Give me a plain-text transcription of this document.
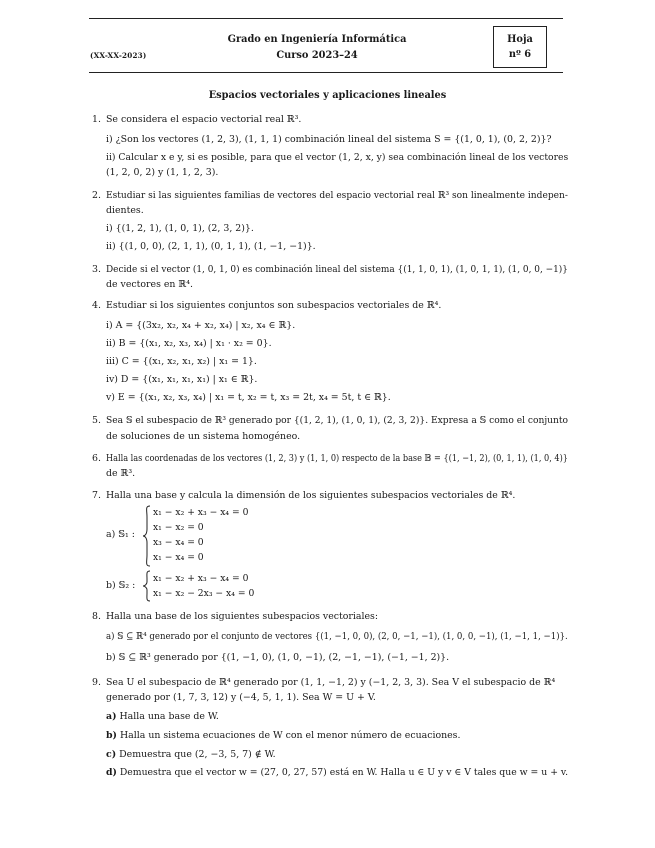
(XX-XX-2023)
Grado en Ingeniería Informática
Curso 2023–24
Hoja
nº 6
Espacios vectoriales y aplicaciones lineales
1. Se considera el espacio vectorial real ℝ³.
i) ¿Son los vectores (1, 2, 3), (1, 1, 1) combinación lineal del sistema S = {(1, 0, 1), (0, 2, 2)}?
ii) Calcular x e y, si es posible, para que el vector (1, 2, x, y) sea combinación lineal de los vectores
(1, 2, 0, 2) y (1, 1, 2, 3).
2. Estudiar si las siguientes familias de vectores del espacio vectorial real ℝ³ son linealmente indepen-
dientes.
i) {(1, 2, 1), (1, 0, 1), (2, 3, 2)}.
ii) {(1, 0, 0), (2, 1, 1), (0, 1, 1), (1, −1, −1)}.
3. Decide si el vector (1, 0, 1, 0) es combinación lineal del sistema {(1, 1, 0, 1), (1, 0, 1, 1), (1, 0, 0, −1)}
de vectores en ℝ⁴.
4. Estudiar si los siguientes conjuntos son subespacios vectoriales de ℝ⁴.
i) A = {(3x₂, x₂, x₄ + x₂, x₄) | x₂, x₄ ∈ ℝ}.
ii) B = {(x₁, x₂, x₃, x₄) | x₁ · x₂ = 0}.
iii) C = {(x₁, x₂, x₁, x₂) | x₁ = 1}.
iv) D = {(x₁, x₁, x₁, x₁) | x₁ ∈ ℝ}.
v) E = {(x₁, x₂, x₃, x₄) | x₁ = t, x₂ = t, x₃ = 2t, x₄ = 5t, t ∈ ℝ}.
5. Sea 𝕊 el subespacio de ℝ³ generado por {(1, 2, 1), (1, 0, 1), (2, 3, 2)}. Expresa a 𝕊 como el conjunto
de soluciones de un sistema homogéneo.
6. Halla las coordenadas de los vectores (1, 2, 3) y (1, 1, 0) respecto de la base 𝔹 = {(1, −1, 2), (0, 1, 1), (1, 0, 4)}
de ℝ³.
7. Halla una base y calcula la dimensión de los siguientes subespacios vectoriales de ℝ⁴.
a) 𝕊₁ :
x₁ − x₂ + x₃ − x₄ = 0
x₁ − x₂ = 0
x₃ − x₄ = 0
x₁ − x₄ = 0
b) 𝕊₂ :
x₁ − x₂ + x₃ − x₄ = 0
x₁ − x₂ − 2x₃ − x₄ = 0
8. Halla una base de los siguientes subespacios vectoriales:
a) 𝕊 ⊆ ℝ⁴ generado por el conjunto de vectores {(1, −1, 0, 0), (2, 0, −1, −1), (1, 0, 0, −1), (1, −1, 1, −1)}.
b) 𝕊 ⊆ ℝ³ generado por {(1, −1, 0), (1, 0, −1), (2, −1, −1), (−1, −1, 2)}.
9. Sea U el subespacio de ℝ⁴ generado por (1, 1, −1, 2) y (−1, 2, 3, 3). Sea V el subespacio de ℝ⁴
generado por (1, 7, 3, 12) y (−4, 5, 1, 1). Sea W = U + V.
a) Halla una base de W.
b) Halla un sistema ecuaciones de W con el menor número de ecuaciones.
c) Demuestra que (2, −3, 5, 7) ∉ W.
d) Demuestra que el vector w = (27, 0, 27, 57) está en W. Halla u ∈ U y v ∈ V tales que w = u + v.
